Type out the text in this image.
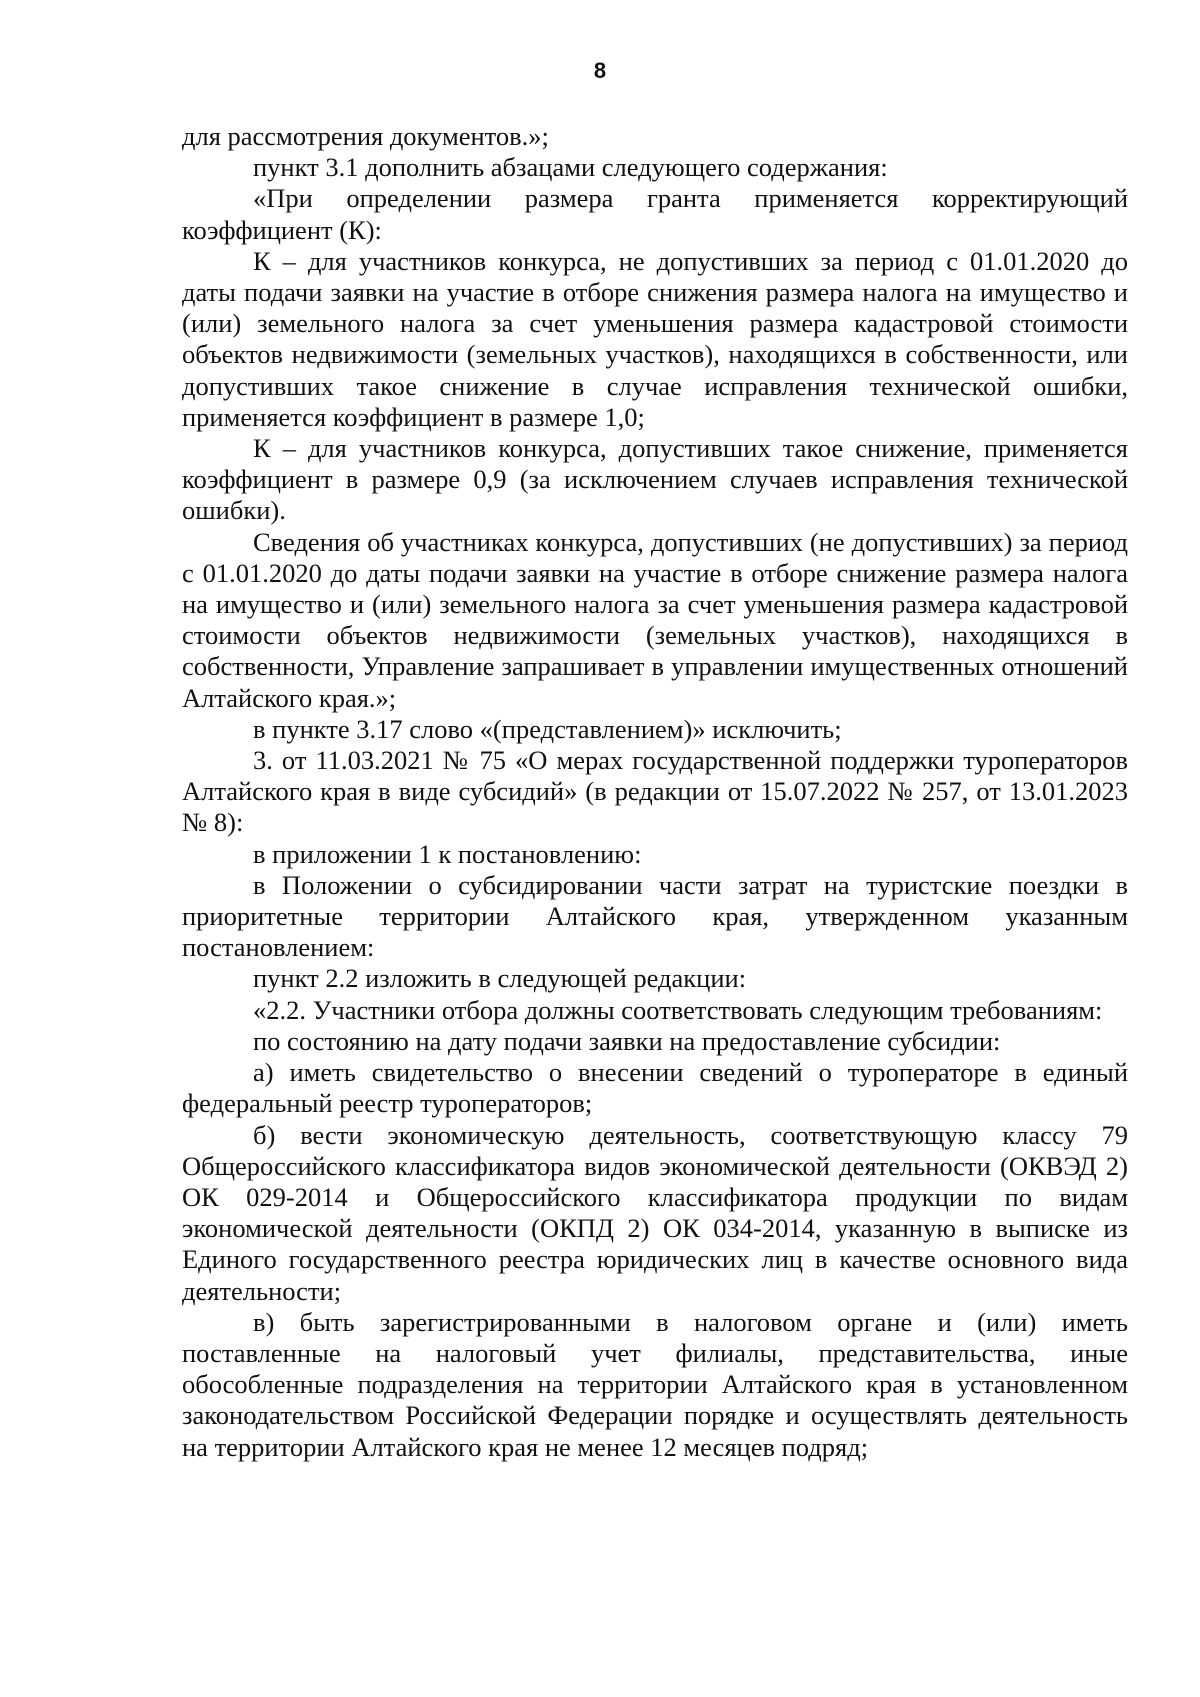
8

для рассмотрения документов.»;

пункт 3.1 дополнить абзацами следующего содержания:

«При определении размера гранта применяется корректирующий коэффициент (К):

К – для участников конкурса, не допустивших за период с 01.01.2020 до даты подачи заявки на участие в отборе снижения размера налога на имущество и (или) земельного налога за счет уменьшения размера кадастровой стоимости объектов недвижимости (земельных участков), находящихся в собственности, или допустивших такое снижение в случае исправления технической ошибки, применяется коэффициент в размере 1,0;

К – для участников конкурса, допустивших такое снижение, применяется коэффициент в размере 0,9 (за исключением случаев исправления технической ошибки).

Сведения об участниках конкурса, допустивших (не допустивших) за период с 01.01.2020 до даты подачи заявки на участие в отборе снижение размера налога на имущество и (или) земельного налога за счет уменьшения размера кадастровой стоимости объектов недвижимости (земельных участков), находящихся в собственности, Управление запрашивает в управлении имущественных отношений Алтайского края.»;

в пункте 3.17 слово «(представлением)» исключить;

3. от 11.03.2021 № 75 «О мерах государственной поддержки туроператоров Алтайского края в виде субсидий» (в редакции от 15.07.2022 № 257, от 13.01.2023 № 8):

в приложении 1 к постановлению:

в Положении о субсидировании части затрат на туристские поездки в приоритетные территории Алтайского края, утвержденном указанным постановлением:

пункт 2.2 изложить в следующей редакции:

«2.2. Участники отбора должны соответствовать следующим требованиям:

по состоянию на дату подачи заявки на предоставление субсидии:

а) иметь свидетельство о внесении сведений о туроператоре в единый федеральный реестр туроператоров;

б) вести экономическую деятельность, соответствующую классу 79 Общероссийского классификатора видов экономической деятельности (ОКВЭД 2) ОК 029-2014 и Общероссийского классификатора продукции по видам экономической деятельности (ОКПД 2) ОК 034-2014, указанную в выписке из Единого государственного реестра юридических лиц в качестве основного вида деятельности;

в) быть зарегистрированными в налоговом органе и (или) иметь поставленные на налоговый учет филиалы, представительства, иные обособленные подразделения на территории Алтайского края в установленном законодательством Российской Федерации порядке и осуществлять деятельность на территории Алтайского края не менее 12 месяцев подряд;
